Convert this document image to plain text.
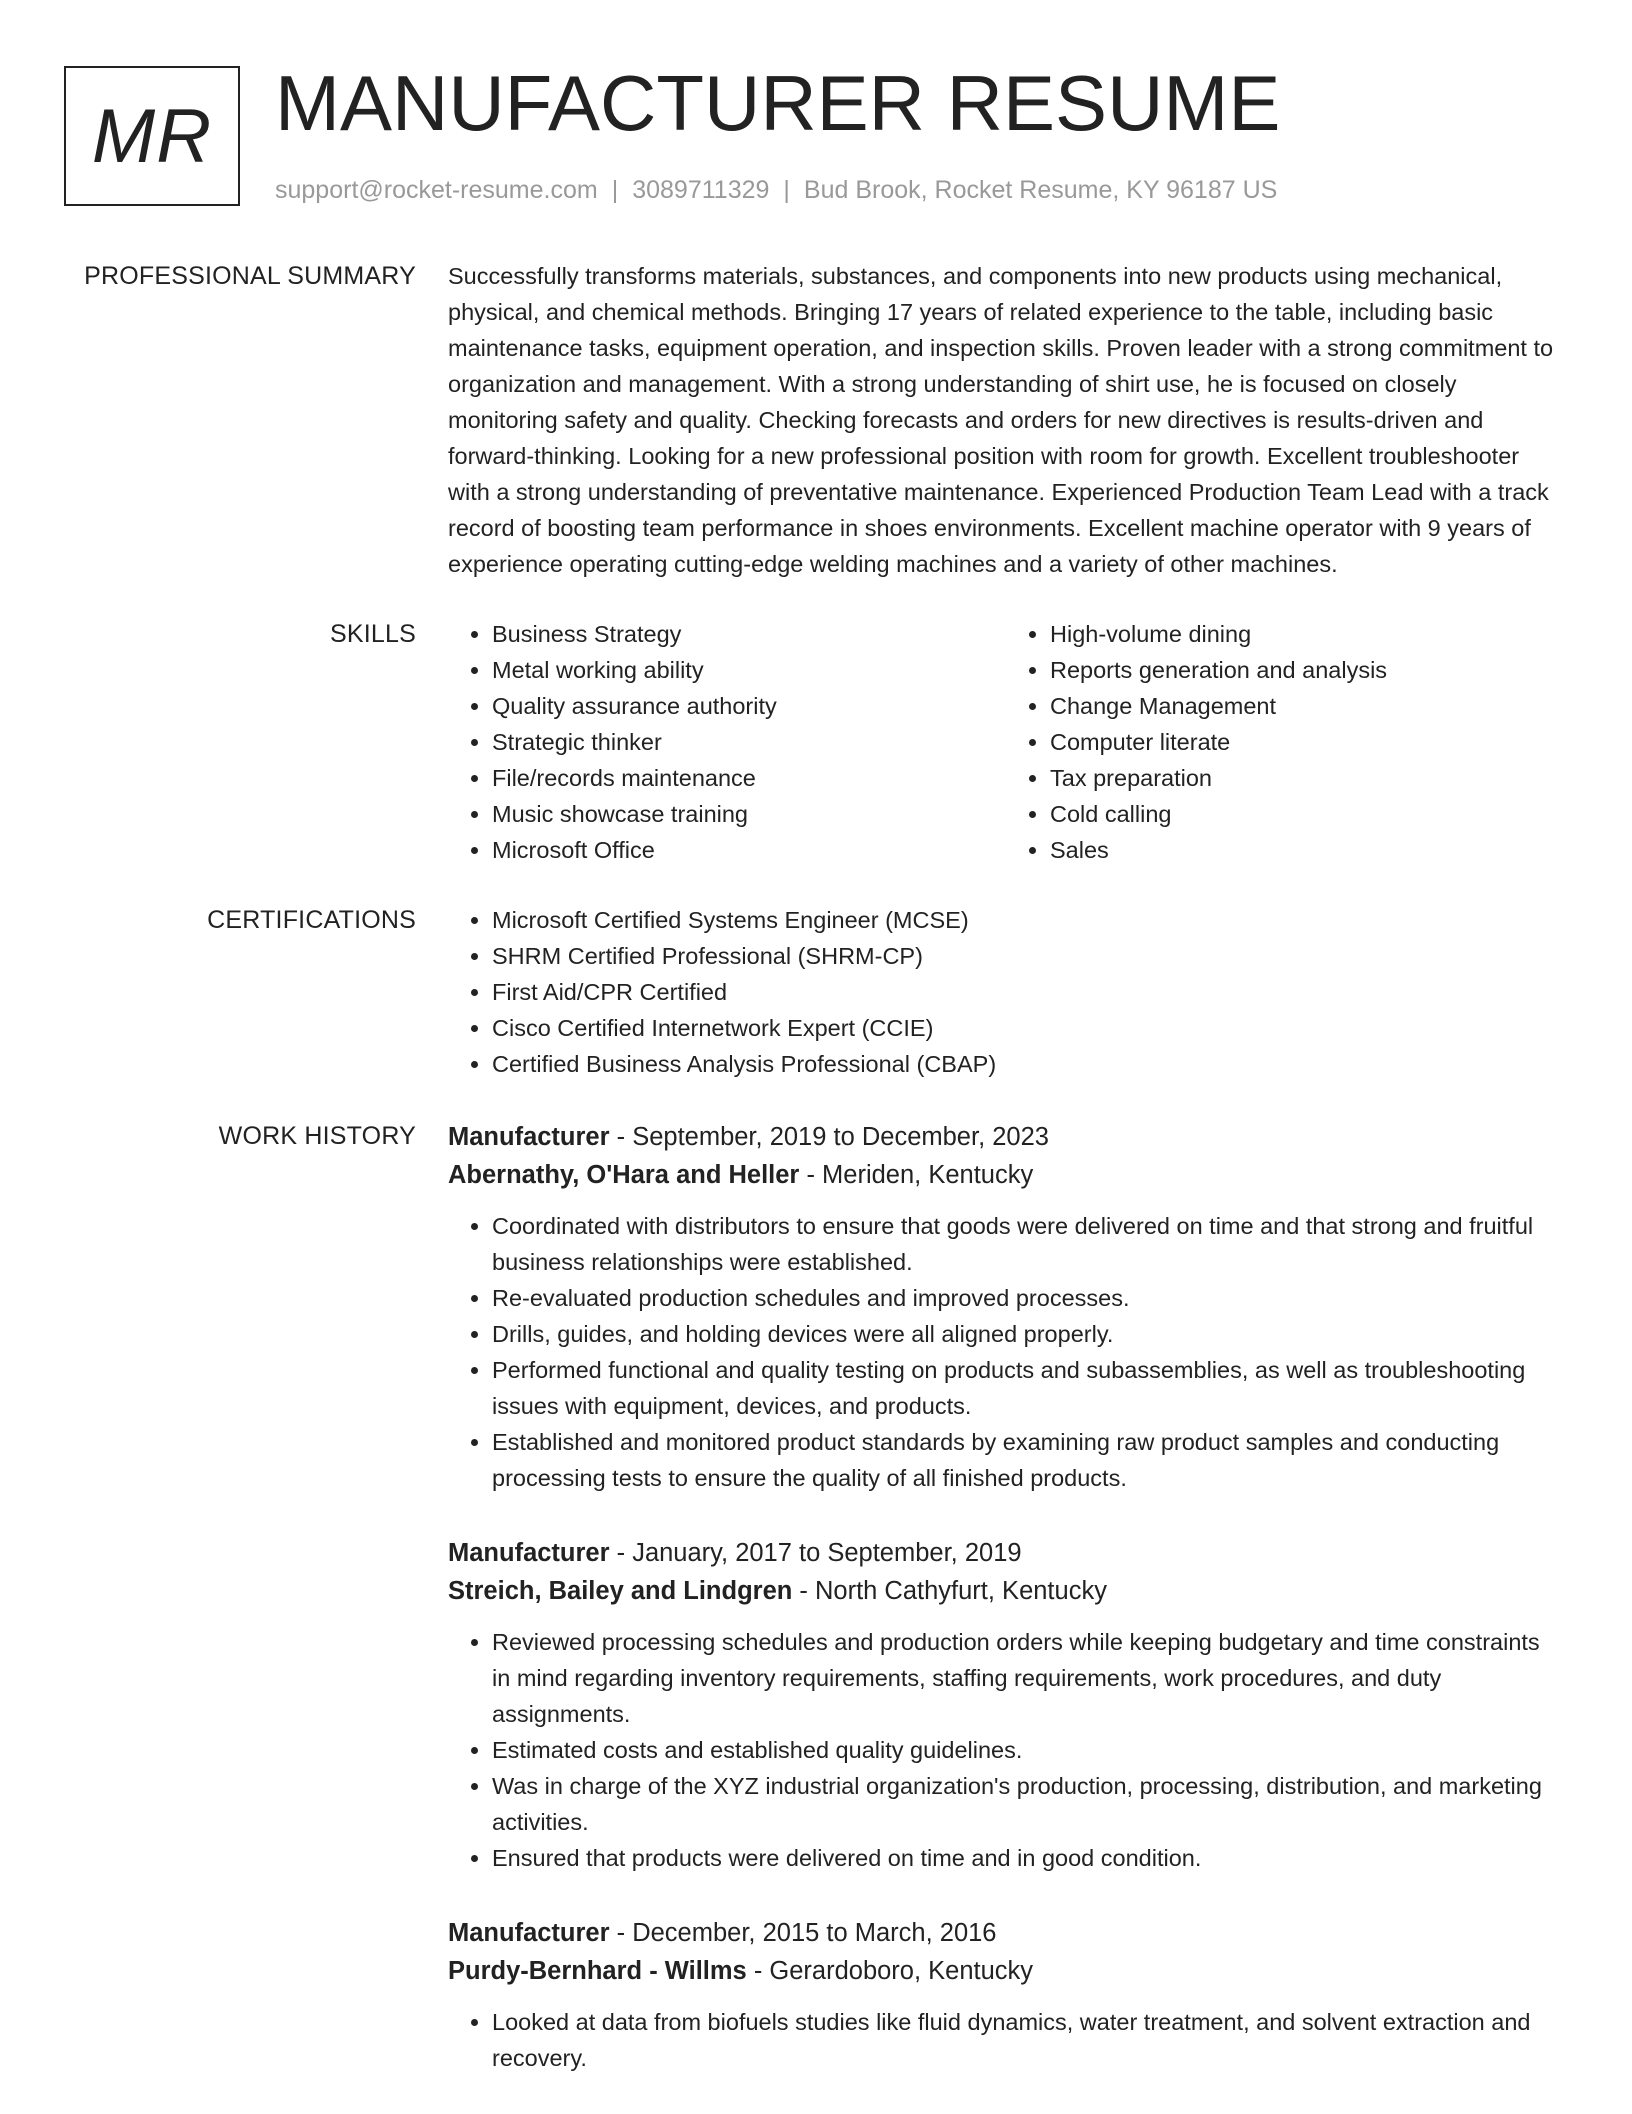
MR MANUFACTURER RESUME
support@rocket-resume.com | 3089711329 | Bud Brook, Rocket Resume, KY 96187 US
PROFESSIONAL SUMMARY Successfully transforms materials, substances, and components into new products using mechanical, physical, and chemical methods. Bringing 17 years of related experience to the table, including basic maintenance tasks, equipment operation, and inspection skills. Proven leader with a strong commitment to organization and management. With a strong understanding of shirt use, he is focused on closely monitoring safety and quality. Checking forecasts and orders for new directives is results-driven and forward-thinking. Looking for a new professional position with room for growth. Excellent troubleshooter with a strong understanding of preventative maintenance. Experienced Production Team Lead with a track record of boosting team performance in shoes environments. Excellent machine operator with 9 years of experience operating cutting-edge welding machines and a variety of other machines.

SKILLS	• Business Strategy
• Metal working ability
• Quality assurance authority
• Strategic thinker
• File/records maintenance
• Music showcase training
• Microsoft Office
• High-volume dining
• Reports generation and analysis
• Change Management
• Computer literate
• Tax preparation
• Cold calling
• Sales
CERTIFICATIONS	• Microsoft Certified Systems Engineer (MCSE)
• SHRM Certified Professional (SHRM-CP)
• First Aid/CPR Certified
• Cisco Certified Internetwork Expert (CCIE)
• Certified Business Analysis Professional (CBAP)
WORK HISTORY Manufacturer - September, 2019 to December, 2023
Abernathy, O'Hara and Heller - Meriden, Kentucky
• Coordinated with distributors to ensure that goods were delivered on time and that strong and fruitful business relationships were established.
• Re-evaluated production schedules and improved processes.
• Drills, guides, and holding devices were all aligned properly.
• Performed functional and quality testing on products and subassemblies, as well as troubleshooting issues with equipment, devices, and products.
• Established and monitored product standards by examining raw product samples and conducting processing tests to ensure the quality of all finished products.
Manufacturer - January, 2017 to September, 2019
Streich, Bailey and Lindgren - North Cathyfurt, Kentucky
• Reviewed processing schedules and production orders while keeping budgetary and time constraints in mind regarding inventory requirements, staffing requirements, work procedures, and duty assignments.
• Estimated costs and established quality guidelines.
• Was in charge of the XYZ industrial organization's production, processing, distribution, and marketing activities.
• Ensured that products were delivered on time and in good condition.
Manufacturer - December, 2015 to March, 2016
Purdy-Bernhard - Willms - Gerardoboro, Kentucky
• Looked at data from biofuels studies like fluid dynamics, water treatment, and solvent extraction and recovery.
